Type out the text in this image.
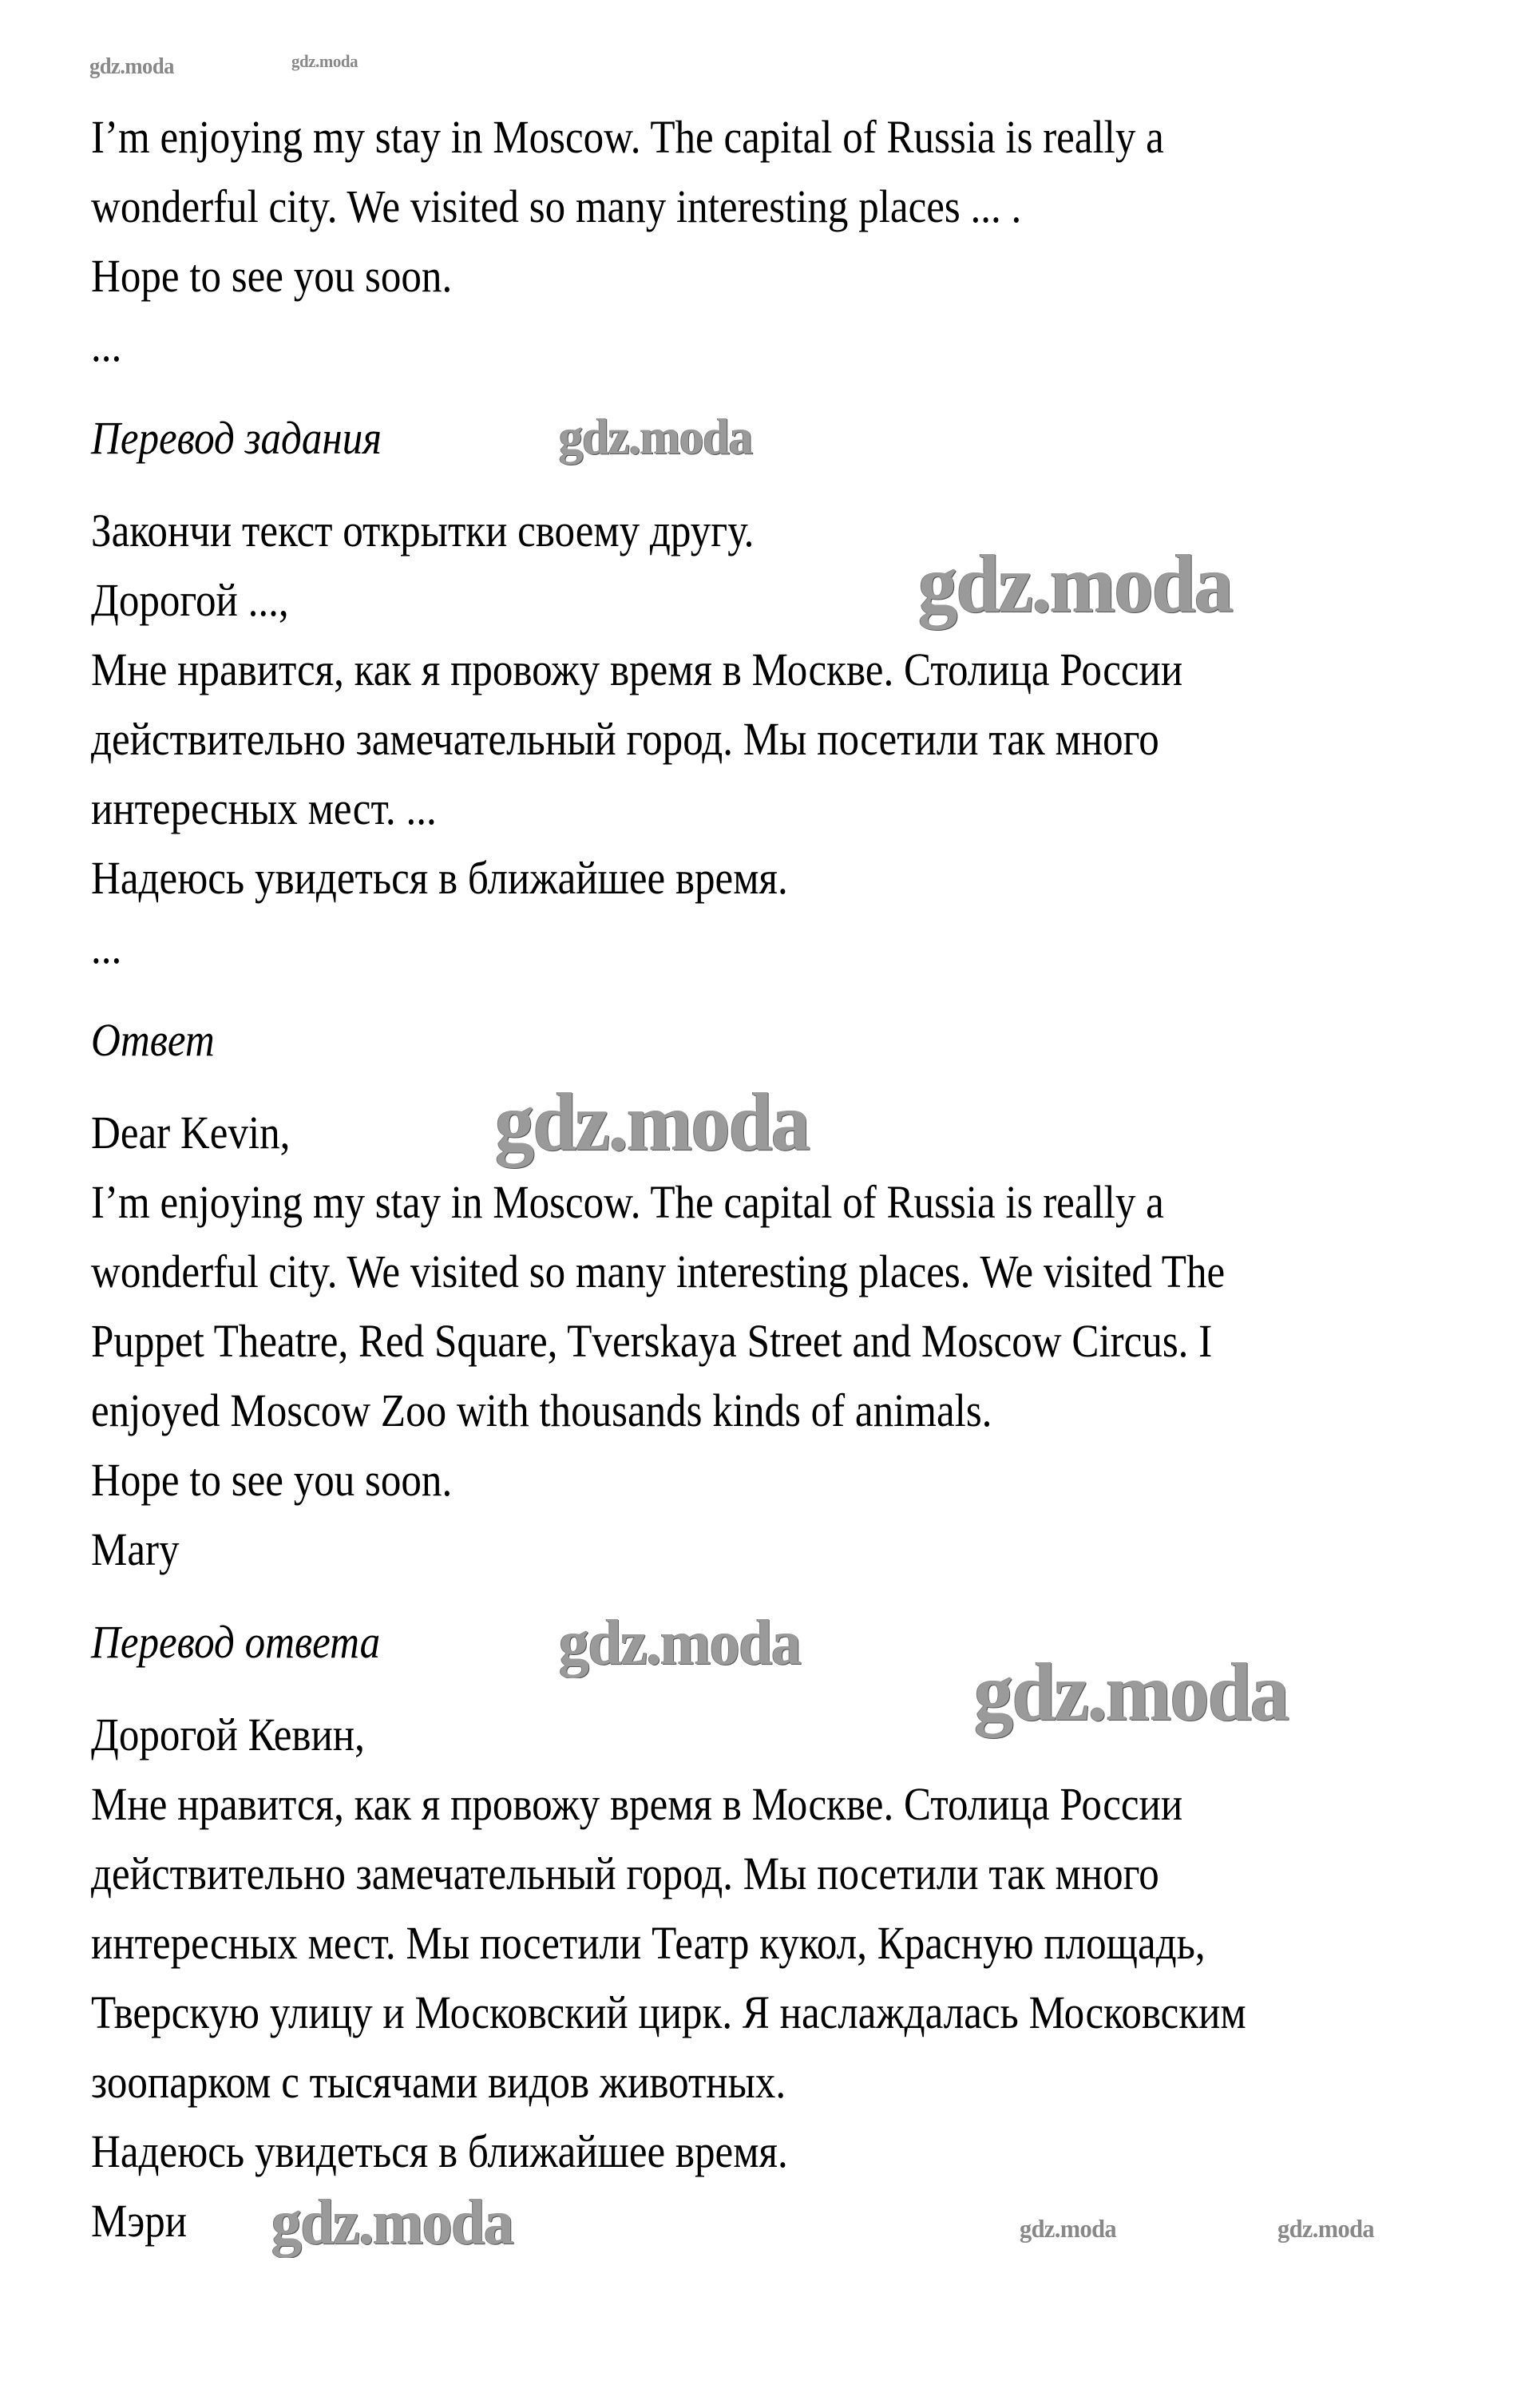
I’m enjoying my stay in Moscow. The capital of Russia is really a
wonderful city. We visited so many interesting places ... .
Hope to see you soon.
...
Перевод задания
Закончи текст открытки своему другу.
Дорогой ...,
Мне нравится, как я провожу время в Москве. Столица России
действительно замечательный город. Мы посетили так много
интересных мест. ...
Надеюсь увидеться в ближайшее время.
...
Ответ
Dear Kevin,
I’m enjoying my stay in Moscow. The capital of Russia is really a
wonderful city. We visited so many interesting places. We visited The
Puppet Theatre, Red Square, Tverskaya Street and Moscow Circus. I
enjoyed Moscow Zoo with thousands kinds of animals.
Hope to see you soon.
Mary
Перевод ответа
Дорогой Кевин,
Мне нравится, как я провожу время в Москве. Столица России
действительно замечательный город. Мы посетили так много
интересных мест. Мы посетили Театр кукол, Красную площадь,
Тверскую улицу и Московский цирк. Я наслаждалась Московским
зоопарком с тысячами видов животных.
Надеюсь увидеться в ближайшее время.
Мэри
gdz.moda	gdz.moda
gdz.moda
gdz.moda
gdz.moda
gdz.moda
gdz.moda
gdz.moda	gdz.moda	gdz.moda
